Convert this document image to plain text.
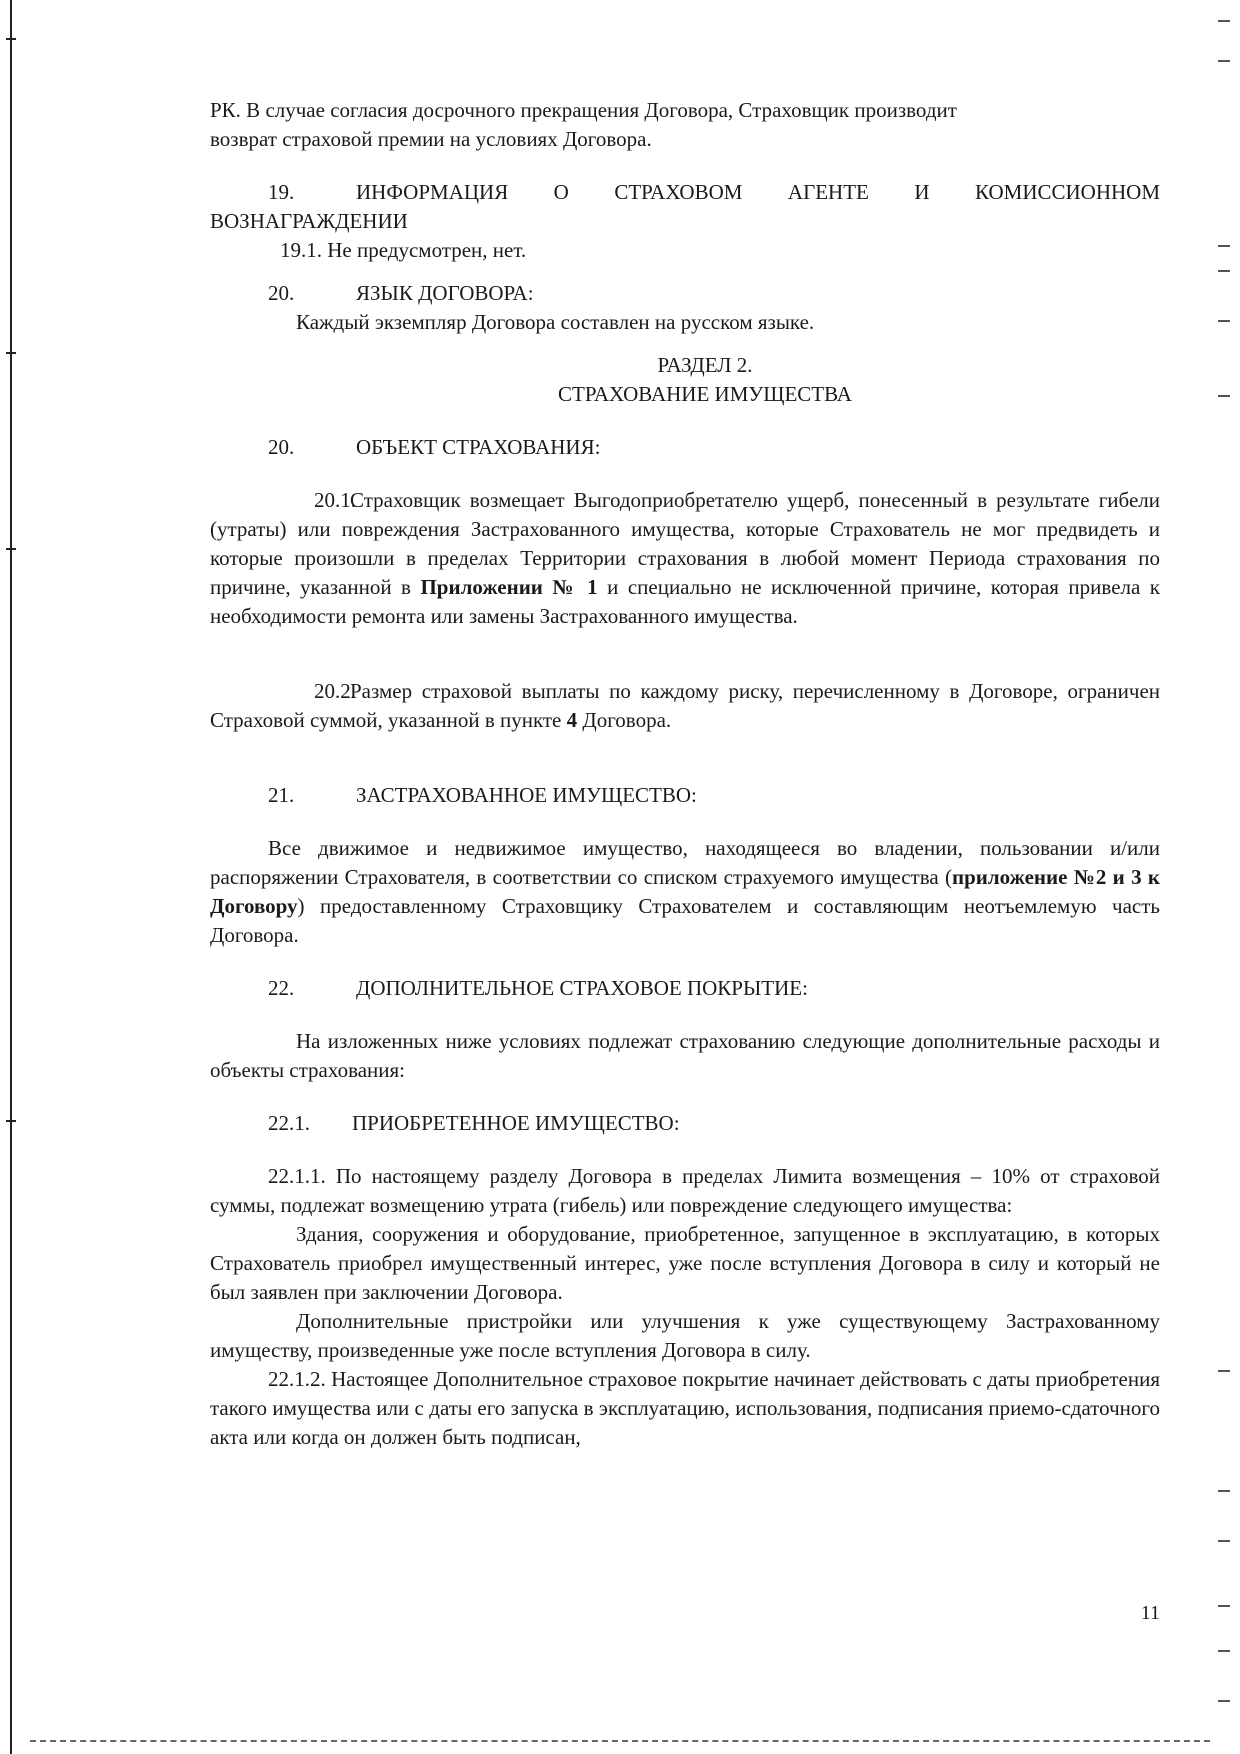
РК. В случае согласия досрочного прекращения Договора, Страховщик производит

возврат страховой премии на условиях Договора.

19.	ИНФОРМАЦИЯ О СТРАХОВОМ АГЕНТЕ И КОМИССИОННОМ

ВОЗНАГРАЖДЕНИИ

19.1. Не предусмотрен, нет.

20.	ЯЗЫК ДОГОВОРА:

Каждый экземпляр Договора составлен на русском языке.

РАЗДЕЛ 2.

СТРАХОВАНИЕ ИМУЩЕСТВА

20.	ОБЪЕКТ СТРАХОВАНИЯ:

20.1.Страховщик возмещает Выгодоприобретателю ущерб, понесенный в результате гибели (утраты) или повреждения Застрахованного имущества, которые Страхователь не мог предвидеть и которые произошли в пределах Территории страхования в любой момент Периода страхования по причине, указанной в Приложении № 1 и специально не исключенной причине, которая привела к необходимости ремонта или замены Застрахованного имущества.

20.2.Размер страховой выплаты по каждому риску, перечисленному в Договоре, ограничен Страховой суммой, указанной в пункте 4 Договора.

21.	ЗАСТРАХОВАННОЕ ИМУЩЕСТВО:

Все движимое и недвижимое имущество, находящееся во владении, пользовании и/или распоряжении Страхователя, в соответствии со списком страхуемого имущества (приложение №2 и 3 к Договору) предоставленному Страховщику Страхователем и составляющим неотъемлемую часть Договора.

22.	ДОПОЛНИТЕЛЬНОЕ СТРАХОВОЕ ПОКРЫТИЕ:

На изложенных ниже условиях подлежат страхованию следующие дополнительные расходы и объекты страхования:

22.1. ПРИОБРЕТЕННОЕ ИМУЩЕСТВО:

22.1.1. По настоящему разделу Договора в пределах Лимита возмещения – 10% от страховой суммы, подлежат возмещению утрата (гибель) или повреждение следующего имущества:

Здания, сооружения и оборудование, приобретенное, запущенное в эксплуатацию, в которых Страхователь приобрел имущественный интерес, уже после вступления Договора в силу и который не был заявлен при заключении Договора.

Дополнительные пристройки или улучшения к уже существующему Застрахованному имуществу, произведенные уже после вступления Договора в силу.

22.1.2. Настоящее Дополнительное страховое покрытие начинает действовать с даты приобретения такого имущества или с даты его запуска в эксплуатацию, использования, подписания приемо-сдаточного акта или когда он должен быть подписан,

11
